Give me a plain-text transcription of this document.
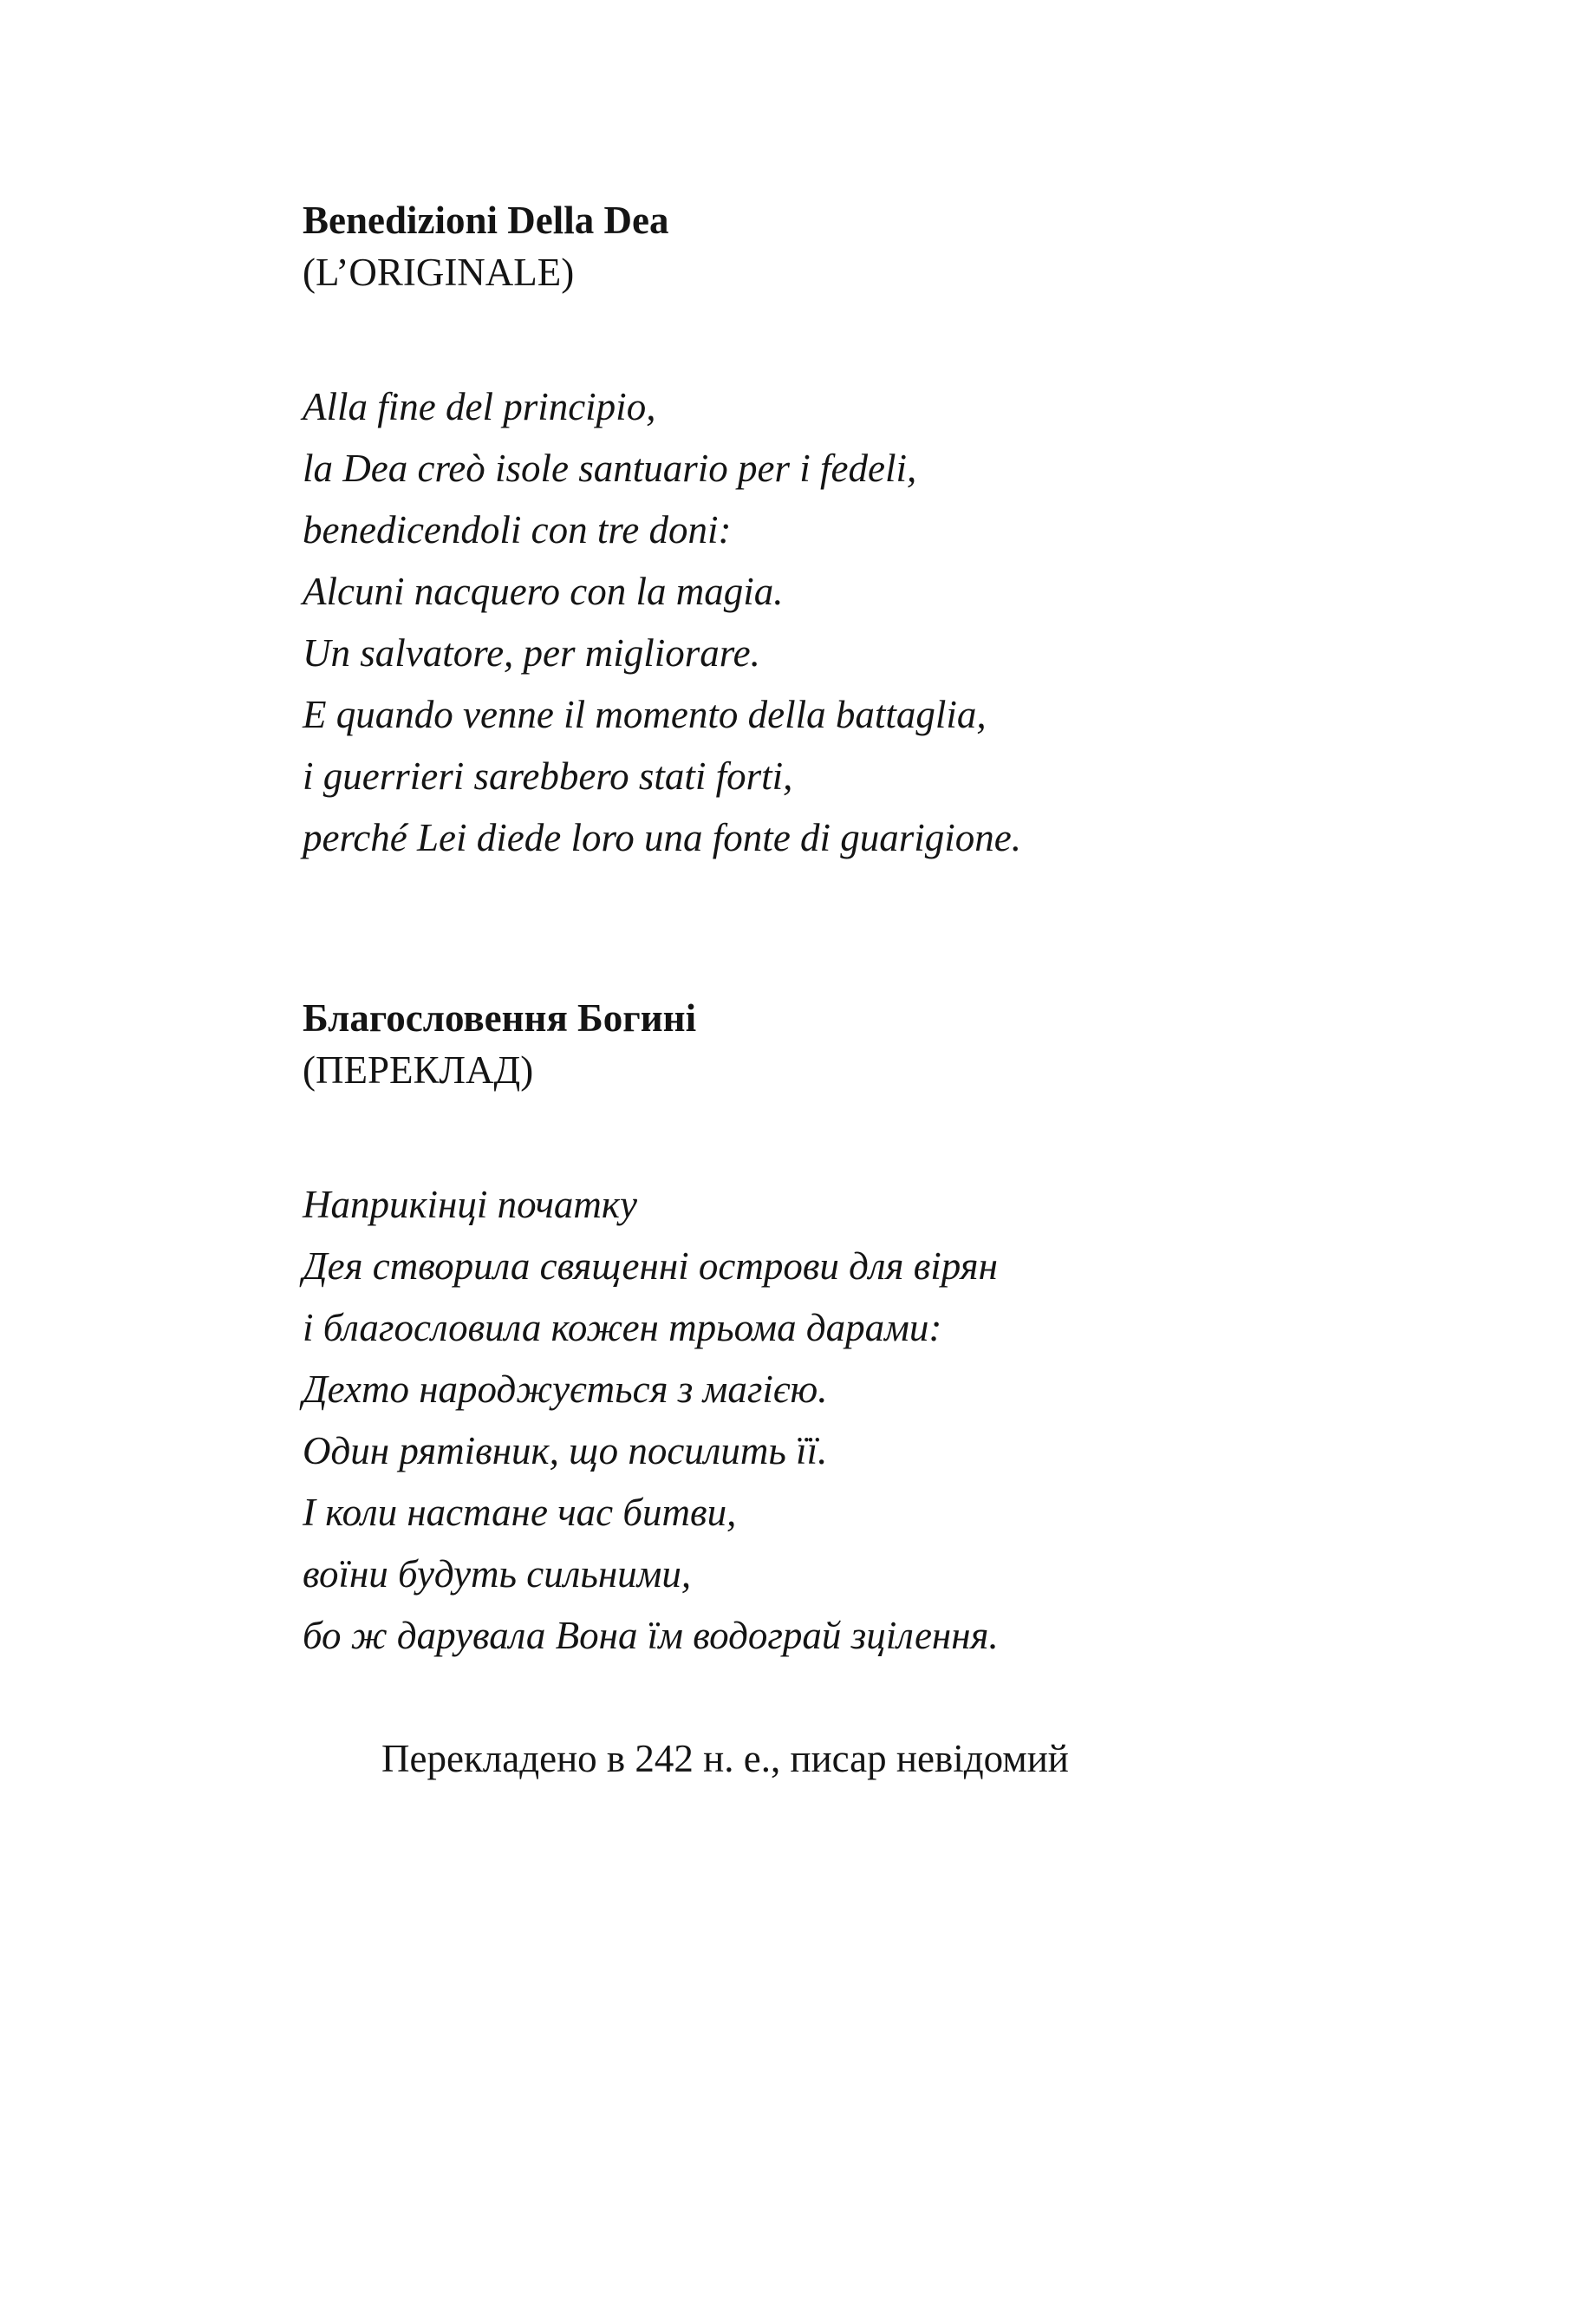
Benedizioni Della Dea
(L’ORIGINALE)
Alla fine del principio,
la Dea creò isole santuario per i fedeli,
benedicendoli con tre doni:
Alcuni nacquero con la magia.
Un salvatore, per migliorare.
E quando venne il momento della battaglia,
i guerrieri sarebbero stati forti,
perché Lei diede loro una fonte di guarigione.
Благословення Богині
(ПЕРЕКЛАД)
Наприкінці початку
Дея створила священні острови для вірян
і благословила кожен трьома дарами:
Дехто народжується з магією.
Один рятівник, що посилить її.
І коли настане час битви,
воїни будуть сильними,
бо ж дарувала Вона їм водограй зцілення.
Перекладено в 242 н. е., писар невідомий
